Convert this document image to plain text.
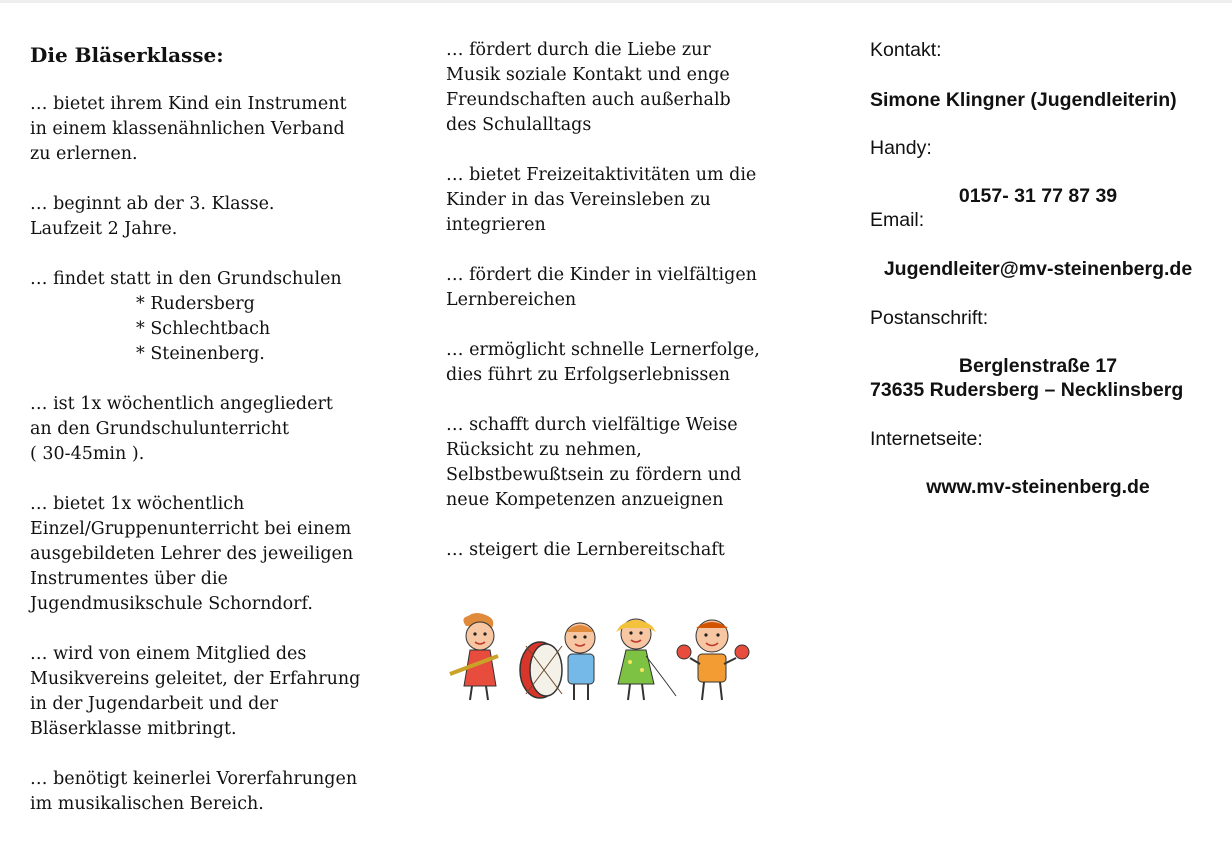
Die Bläserklasse:
… bietet ihrem Kind ein Instrument
in einem klassenähnlichen Verband
zu erlernen.
… beginnt ab der 3. Klasse.
Laufzeit 2 Jahre.
… findet statt in den Grundschulen
* Rudersberg
* Schlechtbach
* Steinenberg.
… ist 1x wöchentlich angegliedert
an den Grundschulunterricht
( 30-45min ).
… bietet 1x wöchentlich
Einzel/Gruppenunterricht bei einem
ausgebildeten Lehrer des jeweiligen
Instrumentes über die
Jugendmusikschule Schorndorf.
… wird von einem Mitglied des
Musikvereins geleitet, der Erfahrung
in der Jugendarbeit und der
Bläserklasse mitbringt.
… benötigt keinerlei Vorerfahrungen
im musikalischen Bereich.
… fördert durch die Liebe zur
Musik soziale Kontakt und enge
Freundschaften auch außerhalb
des Schulalltags
… bietet Freizeitaktivitäten um die
Kinder in das Vereinsleben zu
integrieren
… fördert die Kinder in vielfältigen
Lernbereichen
… ermöglicht schnelle Lernerfolge,
dies führt zu Erfolgserlebnissen
… schafft durch vielfältige Weise
Rücksicht zu nehmen,
Selbstbewußtsein zu fördern und
neue Kompetenzen anzueignen
… steigert die Lernbereitschaft
Kontakt:
Simone Klingner (Jugendleiterin)
Handy:
0157- 31 77 87 39
Email:
Jugendleiter@mv-steinenberg.de
Postanschrift:
Berglenstraße 17
73635 Rudersberg – Necklinsberg
Internetseite:
www.mv-steinenberg.de
